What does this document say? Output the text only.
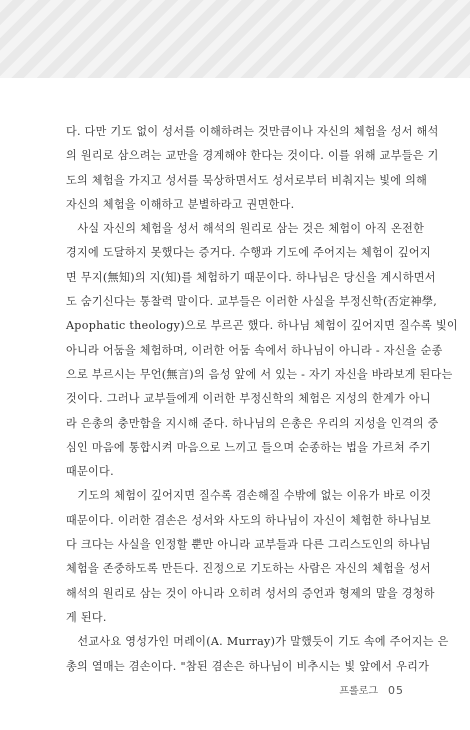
다. 다만 기도 없이 성서를 이해하려는 것만큼이나 자신의 체험을 성서 해석
의 원리로 삼으려는 교만을 경계해야 한다는 것이다. 이를 위해 교부들은 기
도의 체험을 가지고 성서를 묵상하면서도 성서로부터 비춰지는 빛에 의해
자신의 체험을 이해하고 분별하라고 권면한다.
　사실 자신의 체험을 성서 해석의 원리로 삼는 것은 체험이 아직 온전한
경지에 도달하지 못했다는 증거다. 수행과 기도에 주어지는 체험이 깊어지
면 무지(無知)의 지(知)를 체험하기 때문이다. 하나님은 당신을 계시하면서
도 숨기신다는 통찰력 말이다. 교부들은 이러한 사실을 부정신학(否定神學,
Apophatic theology)으로 부르곤 했다. 하나님 체험이 깊어지면 질수록 빛이
아니라 어둠을 체험하며, 이러한 어둠 속에서 하나님이 아니라 - 자신을 순종
으로 부르시는 무언(無言)의 음성 앞에 서 있는 - 자기 자신을 바라보게 된다는
것이다. 그러나 교부들에게 이러한 부정신학의 체험은 지성의 한계가 아니
라 은총의 충만함을 지시해 준다. 하나님의 은총은 우리의 지성을 인격의 중
심인 마음에 통합시켜 마음으로 느끼고 들으며 순종하는 법을 가르쳐 주기
때문이다.
　기도의 체험이 깊어지면 질수록 겸손해질 수밖에 없는 이유가 바로 이것
때문이다. 이러한 겸손은 성서와 사도의 하나님이 자신이 체험한 하나님보
다 크다는 사실을 인정할 뿐만 아니라 교부들과 다른 그리스도인의 하나님
체험을 존중하도록 만든다. 진정으로 기도하는 사람은 자신의 체험을 성서
해석의 원리로 삼는 것이 아니라 오히려 성서의 증언과 형제의 말을 경청하
게 된다.
　선교사요 영성가인 머레이(A. Murray)가 말했듯이 기도 속에 주어지는 은
총의 열매는 겸손이다. "참된 겸손은 하나님이 비추시는 빛 앞에서 우리가
프롤로그 05
